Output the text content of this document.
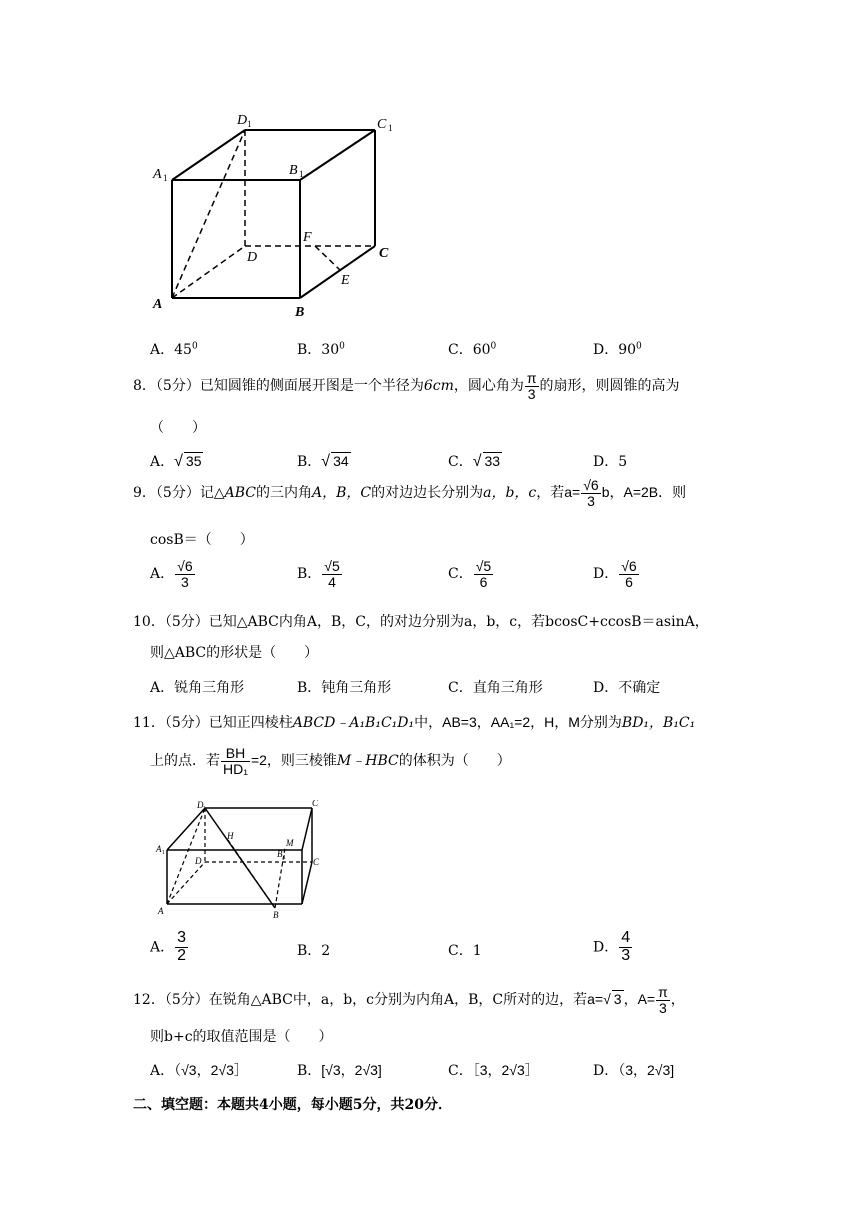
D 1	C 1
A 1	B 1
F
D	C
E
A
B
A．$45^0$	B．$30^0$	C．$60^0$	D．$90^0$
8．（5分）已知圆锥的侧面展开图是一个半径为6cm，圆心角为 $\frac{\pi}{3}$ 的扇形，则圆锥的高为
（　　）
A．√ 35	B．√ 34	C．√ 33	D．5
9．（5分）记△ABC的三内角A，B，C的对边边长分别为a，b，c，若$a= \frac{√6}{3}$ b，A=2B．则
cosB＝（　　）
A． $\frac{√6}{3}$	B． $\frac{√5}{4}$	C． $\frac{√5}{6}$	D． $\frac{√6}{6}$
10．（5分）已知△ABC内角A，B，C，的对边分别为a，b，c，若bcosC+ccosB＝asinA，
则△ABC的形状是（　　）
A．锐角三角形	B．钝角三角形	C．直角三角形	D．不确定
11．（5分）已知正四棱柱ABCD﹣A₁B₁C₁D₁中，AB=3，AA₁=2，H，M分别为BD₁，B₁C₁
上的点．若 $\frac{BH}{\text{HD₁}} =2$，则三棱锥M﹣HBC的体积为（　　）
D 1
C
A 1
H
M
D
B 1	C
A	B
A． $\frac{3}{2}$	B．2	C．1	D． $\frac{4}{3}$
12．（5分）在锐角△ABC中，a，b，c分别为内角A，B，C所对的边，若a=√ 3 ，$A= \frac{\pi}{3}$ ，
则b+c的取值范围是（　　）
A．（√3，2√3］	B．[√3，2√3]	C．［3，2√3］	D．（3，2√3]
二、填空题：本题共4小题，每小题5分，共20分．
